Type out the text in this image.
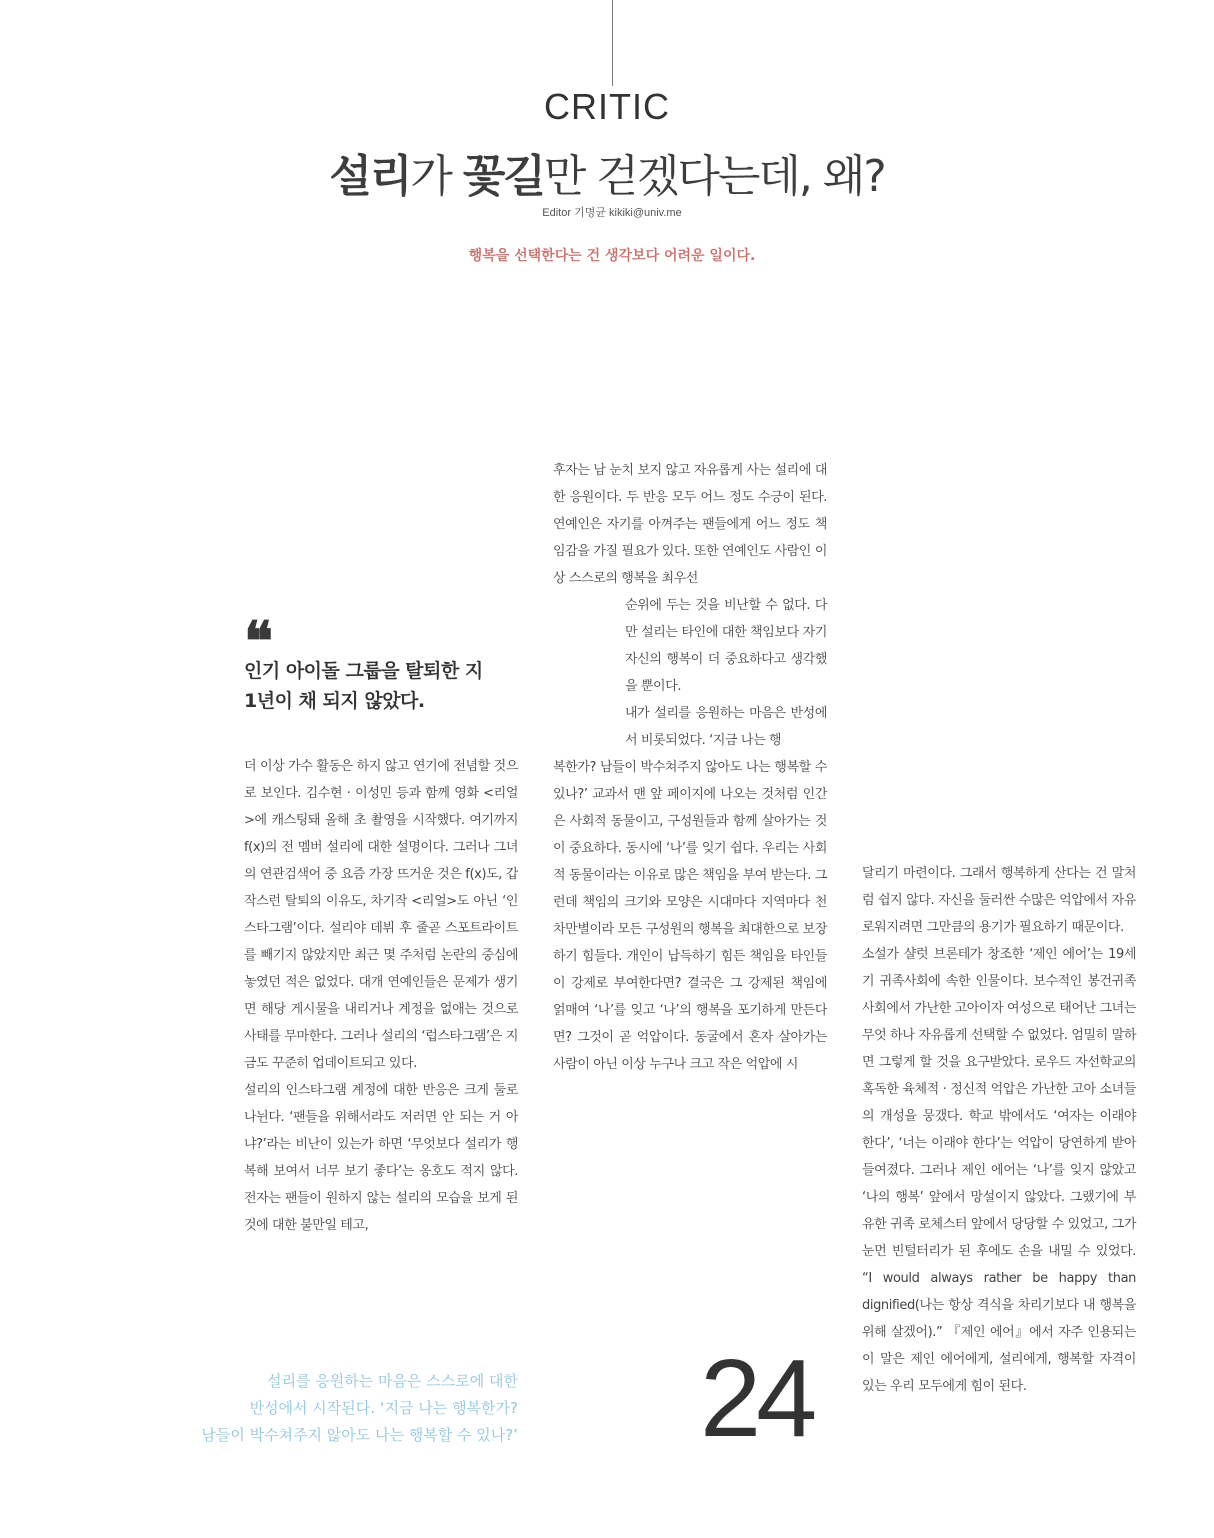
CRITIC
설리가 꽃길만 걷겠다는데, 왜?
Editor 기명균 kikiki@univ.me
행복을 선택한다는 건 생각보다 어려운 일이다.
❝
인기 아이돌 그룹을 탈퇴한 지
1년이 채 되지 않았다.

더 이상 가수 활동은 하지 않고 연기에 전념할 것으로 보인다. 김수현 · 이성민 등과 함께 영화 <리얼>에 캐스팅돼 올해 초 촬영을 시작했다. 여기까지 f(x)의 전 멤버 설리에 대한 설명이다. 그러나 그녀의 연관검색어 중 요즘 가장 뜨거운 것은 f(x)도, 갑작스런 탈퇴의 이유도, 차기작 <리얼>도 아닌 ‘인스타그램’이다. 설리야 데뷔 후 줄곧 스포트라이트를 빼기지 않았지만 최근 몇 주처럼 논란의 중심에 놓였던 적은 없었다. 대개 연예인들은 문제가 생기면 해당 게시물을 내리거나 계정을 없애는 것으로 사태를 무마한다. 그러나 설리의 ‘럽스타그램’은 지금도 꾸준히 업데이트되고 있다.

설리의 인스타그램 계정에 대한 반응은 크게 둘로 나뉜다. ‘팬들을 위해서라도 저러면 안 되는 거 아냐?’라는 비난이 있는가 하면 ‘무엇보다 설리가 행복해 보여서 너무 보기 좋다’는 옹호도 적지 않다. 전자는 팬들이 원하지 않는 설리의 모습을 보게 된 것에 대한 불만일 테고,

후자는 남 눈치 보지 않고 자유롭게 사는 설리에 대한 응원이다. 두 반응 모두 어느 정도 수긍이 된다. 연예인은 자기를 아껴주는 팬들에게 어느 정도 책임감을 가질 필요가 있다. 또한 연예인도 사람인 이상 스스로의 행복을 최우선

순위에 두는 것을 비난할 수 없다. 다만 설리는 타인에 대한 책임보다 자기 자신의 행복이 더 중요하다고 생각했을 뿐이다.

내가 설리를 응원하는 마음은 반성에서 비롯되었다. ‘지금 나는 행

복한가? 남들이 박수쳐주지 않아도 나는 행복할 수 있나?’ 교과서 맨 앞 페이지에 나오는 것처럼 인간은 사회적 동물이고, 구성원들과 함께 살아가는 것이 중요하다. 동시에 ‘나’를 잊기 쉽다. 우리는 사회적 동물이라는 이유로 많은 책임을 부여 받는다. 그런데 책임의 크기와 모양은 시대마다 지역마다 천차만별이라 모든 구성원의 행복을 최대한으로 보장하기 힘들다. 개인이 납득하기 힘든 책임을 타인들이 강제로 부여한다면? 결국은 그 강제된 책임에 얽매여 ‘나’를 잊고 ‘나’의 행복을 포기하게 만든다면? 그것이 곧 억압이다. 동굴에서 혼자 살아가는 사람이 아닌 이상 누구나 크고 작은 억압에 시

달리기 마련이다. 그래서 행복하게 산다는 건 말처럼 쉽지 않다. 자신을 둘러싼 수많은 억압에서 자유로워지려면 그만큼의 용기가 필요하기 때문이다.

소설가 샬럿 브론테가 창조한 ‘제인 에어’는 19세기 귀족사회에 속한 인물이다. 보수적인 봉건귀족 사회에서 가난한 고아이자 여성으로 태어난 그녀는 무엇 하나 자유롭게 선택할 수 없었다. 엄밀히 말하면 그렇게 할 것을 요구받았다. 로우드 자선학교의 혹독한 육체적 · 정신적 억압은 가난한 고아 소녀들의 개성을 뭉갰다. 학교 밖에서도 ‘여자는 이래야 한다’, ‘너는 이래야 한다’는 억압이 당연하게 받아들여졌다. 그러나 제인 에어는 ‘나’를 잊지 않았고 ‘나의 행복’ 앞에서 망설이지 않았다. 그랬기에 부유한 귀족 로체스터 앞에서 당당할 수 있었고, 그가 눈먼 빈털터리가 된 후에도 손을 내밀 수 있었다. “I would always rather be happy than dignified(나는 항상 격식을 차리기보다 내 행복을 위해 살겠어).” 『제인 에어』에서 자주 인용되는 이 말은 제인 에어에게, 설리에게, 행복할 자격이 있는 우리 모두에게 힘이 된다.

설리를 응원하는 마음은 스스로에 대한
반성에서 시작된다. ‘지금 나는 행복한가?
남들이 박수쳐주지 않아도 나는 행복할 수 있나?’ 24
